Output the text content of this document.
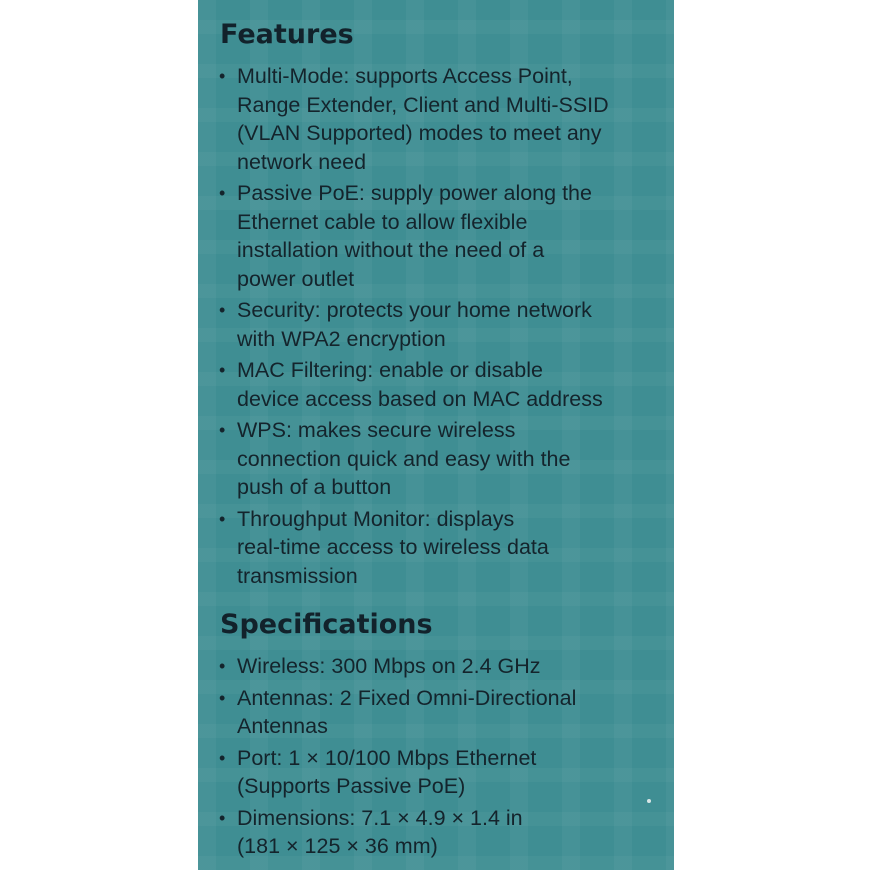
Features
• Multi-Mode: supports Access Point,
Range Extender, Client and Multi-SSID
(VLAN Supported) modes to meet any
network need
• Passive PoE: supply power along the
Ethernet cable to allow flexible
installation without the need of a
power outlet
• Security: protects your home network
with WPA2 encryption
• MAC Filtering: enable or disable
device access based on MAC address
• WPS: makes secure wireless
connection quick and easy with the
push of a button
• Throughput Monitor: displays
real-time access to wireless data
transmission
Specifications
• Wireless: 300 Mbps on 2.4 GHz
• Antennas: 2 Fixed Omni-Directional
Antennas
• Port: 1 × 10/100 Mbps Ethernet
(Supports Passive PoE)
• Dimensions: 7.1 × 4.9 × 1.4 in
(181 × 125 × 36 mm)
